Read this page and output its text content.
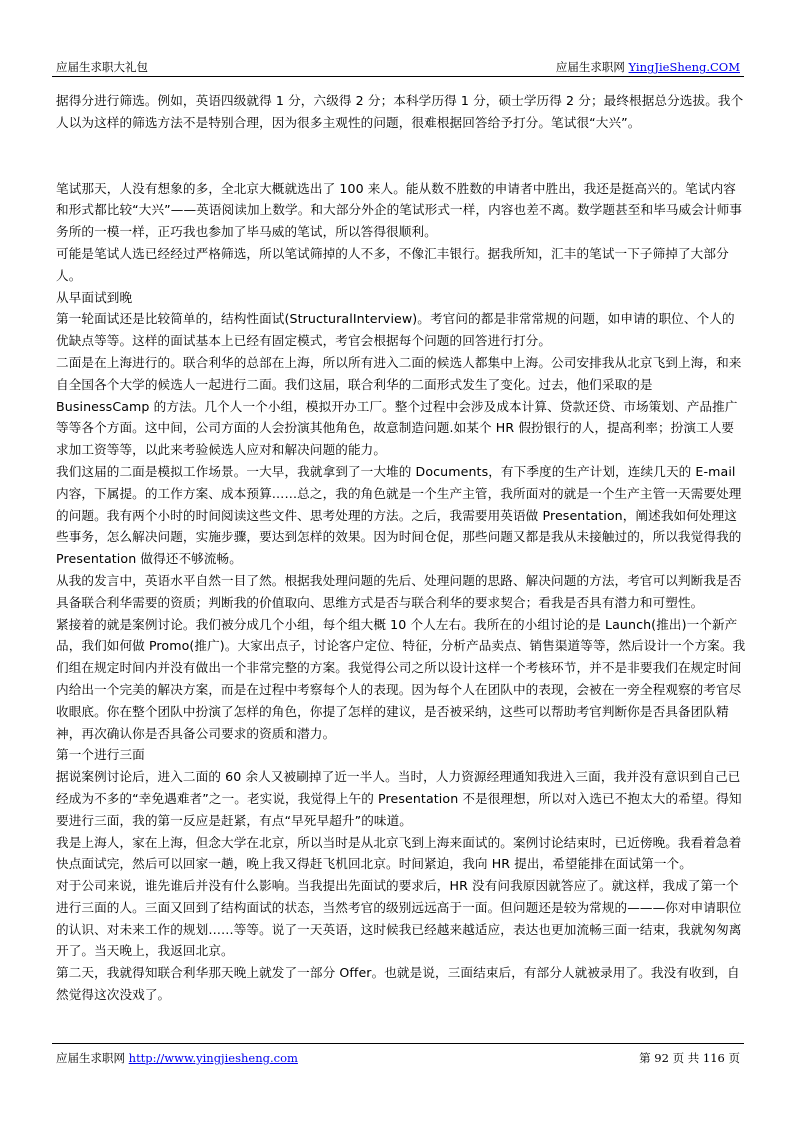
应届生求职大礼包	应届生求职网 YingJieSheng.COM

据得分进行筛选。例如，英语四级就得 1 分，六级得 2 分；本科学历得 1 分，硕士学历得 2 分；最终根据总分选拔。我个人以为这样的筛选方法不是特别合理，因为很多主观性的问题，很难根据回答给予打分。笔试很“大兴”。

笔试那天，人没有想象的多，全北京大概就选出了 100 来人。能从数不胜数的申请者中胜出，我还是挺高兴的。笔试内容和形式都比较“大兴”——英语阅读加上数学。和大部分外企的笔试形式一样，内容也差不离。数学题甚至和毕马威会计师事务所的一模一样，正巧我也参加了毕马威的笔试，所以答得很顺利。

可能是笔试人选已经经过严格筛选，所以笔试筛掉的人不多，不像汇丰银行。据我所知，汇丰的笔试一下子筛掉了大部分人。

从早面试到晚

第一轮面试还是比较简单的，结构性面试(StructuralInterview)。考官问的都是非常常规的问题，如申请的职位、个人的优缺点等等。这样的面试基本上已经有固定模式，考官会根据每个问题的回答进行打分。

二面是在上海进行的。联合利华的总部在上海，所以所有进入二面的候选人都集中上海。公司安排我从北京飞到上海，和来自全国各个大学的候选人一起进行二面。我们这届，联合利华的二面形式发生了变化。过去，他们采取的是 BusinessCamp 的方法。几个人一个小组，模拟开办工厂。整个过程中会涉及成本计算、贷款还贷、市场策划、产品推广等等各个方面。这中间，公司方面的人会扮演其他角色，故意制造问题.如某个 HR 假扮银行的人，提高利率；扮演工人要求加工资等等，以此来考验候选人应对和解决问题的能力。

我们这届的二面是模拟工作场景。一大早，我就拿到了一大堆的 Documents，有下季度的生产计划，连续几天的 E-mail 内容，下属提。的工作方案、成本预算……总之，我的角色就是一个生产主管，我所面对的就是一个生产主管一天需要处理的问题。我有两个小时的时间阅读这些文件、思考处理的方法。之后，我需要用英语做 Presentation，阐述我如何处理这些事务，怎么解决问题，实施步骤，要达到怎样的效果。因为时间仓促，那些问题又都是我从未接触过的，所以我觉得我的 Presentation 做得还不够流畅。

从我的发言中，英语水平自然一目了然。根据我处理问题的先后、处理问题的思路、解决问题的方法，考官可以判断我是否具备联合利华需要的资质；判断我的价值取向、思维方式是否与联合利华的要求契合；看我是否具有潜力和可塑性。

紧接着的就是案例讨论。我们被分成几个小组，每个组大概 10 个人左右。我所在的小组讨论的是 Launch(推出)一个新产品，我们如何做 Promo(推广)。大家出点子，讨论客户定位、特征，分析产品卖点、销售渠道等等，然后设计一个方案。我们组在规定时间内并没有做出一个非常完整的方案。我觉得公司之所以设计这样一个考核环节，并不是非要我们在规定时间内给出一个完美的解决方案，而是在过程中考察每个人的表现。因为每个人在团队中的表现，会被在一旁全程观察的考官尽收眼底。你在整个团队中扮演了怎样的角色，你提了怎样的建议，是否被采纳，这些可以帮助考官判断你是否具备团队精神，再次确认你是否具备公司要求的资质和潜力。

第一个进行三面

据说案例讨论后，进入二面的 60 余人又被刷掉了近一半人。当时，人力资源经理通知我进入三面，我并没有意识到自己已经成为不多的“幸免遇难者”之一。老实说，我觉得上午的 Presentation 不是很理想，所以对入选已不抱太大的希望。得知要进行三面，我的第一反应是赶紧，有点“早死早超升”的味道。

我是上海人，家在上海，但念大学在北京，所以当时是从北京飞到上海来面试的。案例讨论结束时，已近傍晚。我看着急着快点面试完，然后可以回家一趟，晚上我又得赶飞机回北京。时间紧迫，我向 HR 提出，希望能排在面试第一个。

对于公司来说，谁先谁后并没有什么影响。当我提出先面试的要求后，HR 没有问我原因就答应了。就这样，我成了第一个进行三面的人。三面又回到了结构面试的状态，当然考官的级别远远高于一面。但问题还是较为常规的———你对申请职位的认识、对未来工作的规划……等等。说了一天英语，这时候我已经越来越适应，表达也更加流畅三面一结束，我就匆匆离开了。当天晚上，我返回北京。

第二天，我就得知联合利华那天晚上就发了一部分 Offer。也就是说，三面结束后，有部分人就被录用了。我没有收到，自然觉得这次没戏了。

应届生求职网 http://www.yingjiesheng.com	第 92 页 共 116 页
